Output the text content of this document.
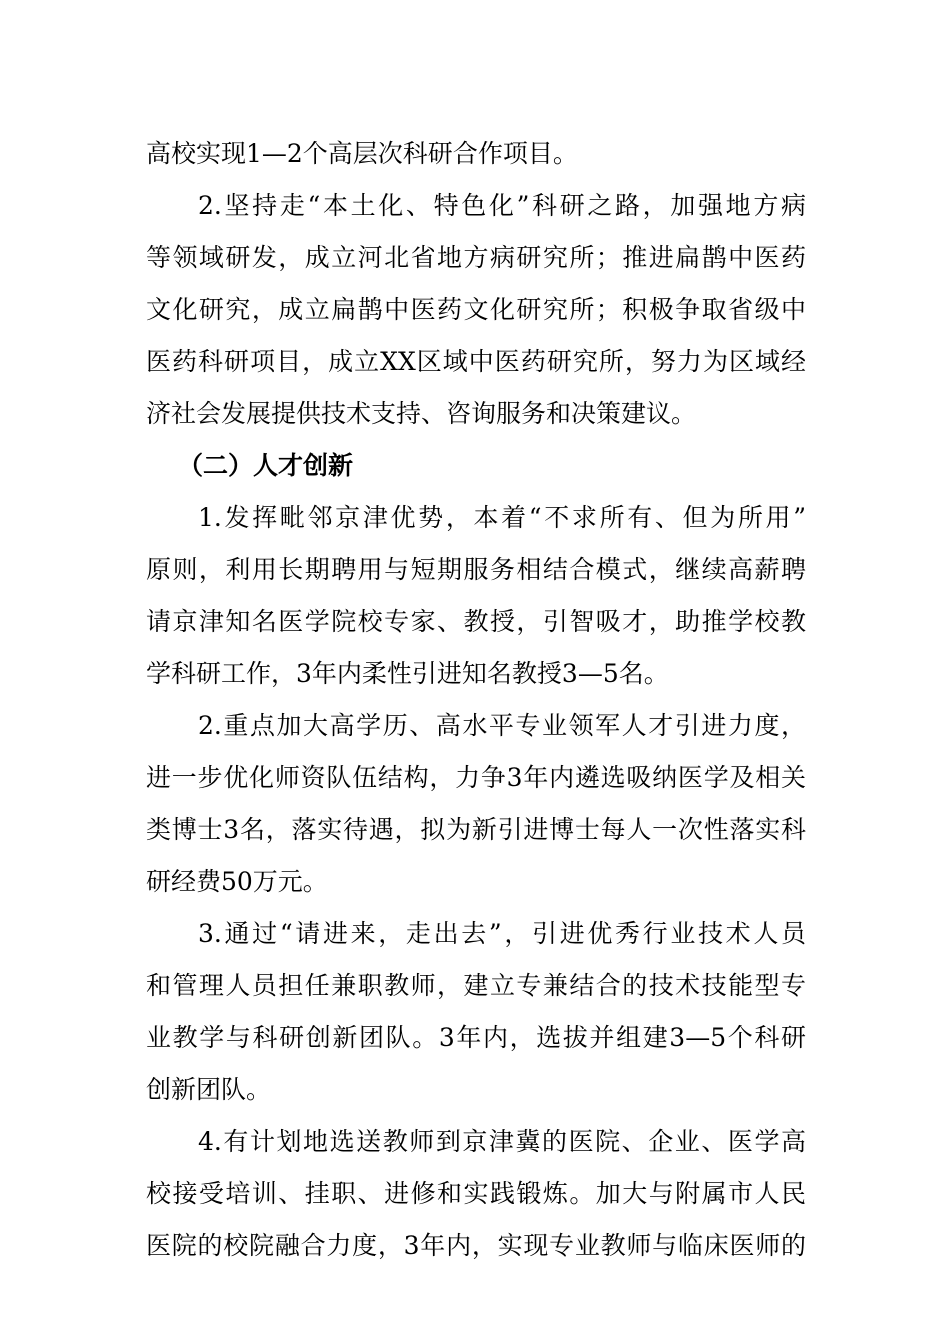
高校实现1—2个高层次科研合作项目。
2.坚持走“本土化、特色化”科研之路，加强地方病
等领域研发，成立河北省地方病研究所；推进扁鹊中医药
文化研究，成立扁鹊中医药文化研究所；积极争取省级中
医药科研项目，成立XX区域中医药研究所，努力为区域经
济社会发展提供技术支持、咨询服务和决策建议。
（二）人才创新
1.发挥毗邻京津优势，本着“不求所有、但为所用”
原则，利用长期聘用与短期服务相结合模式，继续高薪聘
请京津知名医学院校专家、教授，引智吸才，助推学校教
学科研工作，3年内柔性引进知名教授3—5名。
2.重点加大高学历、高水平专业领军人才引进力度，
进一步优化师资队伍结构，力争3年内遴选吸纳医学及相关
类博士3名，落实待遇，拟为新引进博士每人一次性落实科
研经费50万元。
3.通过“请进来，走出去”，引进优秀行业技术人员
和管理人员担任兼职教师，建立专兼结合的技术技能型专
业教学与科研创新团队。3年内，选拔并组建3—5个科研
创新团队。
4.有计划地选送教师到京津冀的医院、企业、医学高
校接受培训、挂职、进修和实践锻炼。加大与附属市人民
医院的校院融合力度，3年内，实现专业教师与临床医师的
